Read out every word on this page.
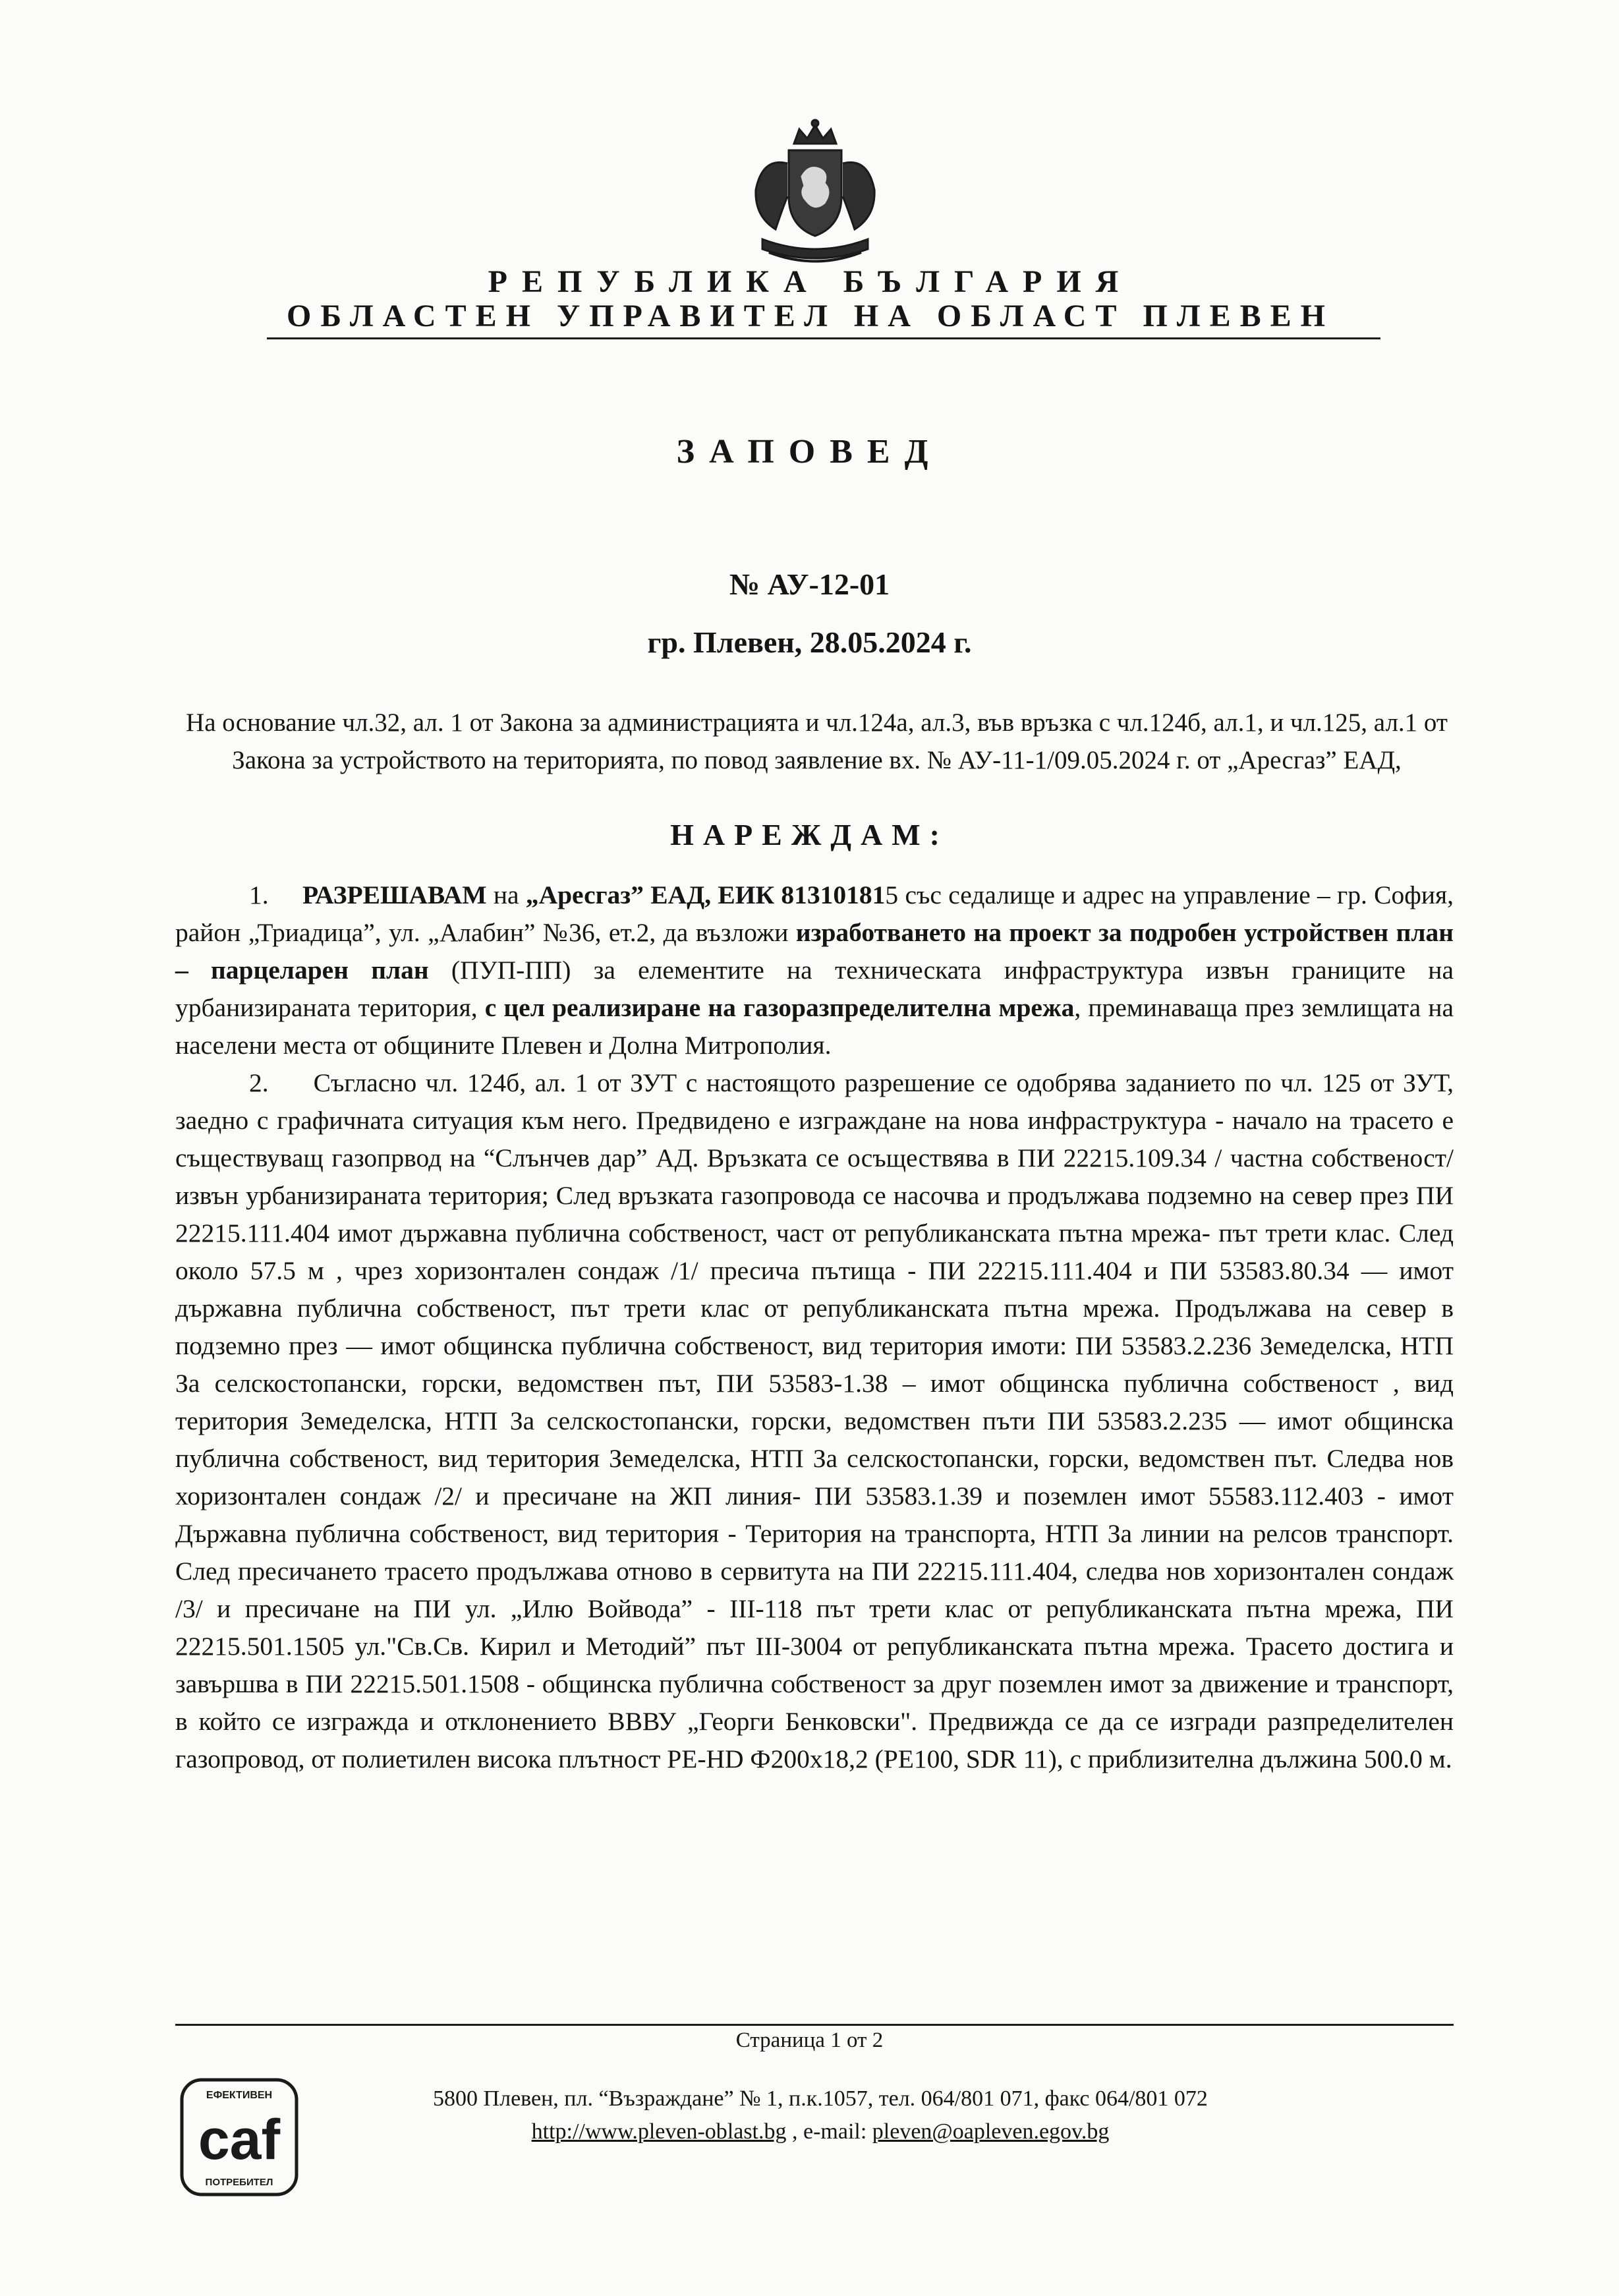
РЕПУБЛИКА БЪЛГАРИЯ
ОБЛАСТЕН УПРАВИТЕЛ НА ОБЛАСТ ПЛЕВЕН
ЗАПОВЕД
№ АУ-12-01
гр. Плевен, 28.05.2024 г.
На основание чл.32, ал. 1 от Закона за администрацията и чл.124а, ал.3, във връзка с чл.124б, ал.1, и чл.125, ал.1 от Закона за устройството на територията, по повод заявление вх. № АУ-11-1/09.05.2024 г. от „Аресгаз” ЕАД,
НАРЕЖДАМ:

1. РАЗРЕШАВАМ на „Аресгаз” ЕАД, ЕИК 813101815 със седалище и адрес на управление – гр. София, район „Триадица”, ул. „Алабин” №36, ет.2, да възложи изработването на проект за подробен устройствен план – парцеларен план (ПУП-ПП) за елементите на техническата инфраструктура извън границите на урбанизираната територия, с цел реализиране на газоразпределителна мрежа, преминаваща през землищата на населени места от общините Плевен и Долна Митрополия.

2. Съгласно чл. 124б, ал. 1 от ЗУТ с настоящото разрешение се одобрява заданието по чл. 125 от ЗУТ, заедно с графичната ситуация към него. Предвидено е изграждане на нова инфраструктура - начало на трасето е съществуващ газопрвод на “Слънчев дар” АД. Връзката се осъществява в ПИ 22215.109.34 / частна собственост/ извън урбанизираната територия; След връзката газопровода се насочва и продължава подземно на север през ПИ 22215.111.404 имот държавна публична собственост, част от републиканската пътна мрежа- път трети клас. След около 57.5 м , чрез хоризонтален сондаж /1/ пресича пътища - ПИ 22215.111.404 и ПИ 53583.80.34 — имот държавна публична собственост, път трети клас от републиканската пътна мрежа. Продължава на север в подземно през — имот общинска публична собственост, вид територия имоти: ПИ 53583.2.236 Земеделска, НТП За селскостопански, горски, ведомствен път, ПИ 53583-1.38 – имот общинска публична собственост , вид територия Земеделска, НТП За селскостопански, горски, ведомствен пъти ПИ 53583.2.235 — имот общинска публична собственост, вид територия Земеделска, НТП За селскостопански, горски, ведомствен път. Следва нов хоризонтален сондаж /2/ и пресичане на ЖП линия- ПИ 53583.1.39 и поземлен имот 55583.112.403 - имот Държавна публична собственост, вид територия - Територия на транспорта, НТП За линии на релсов транспорт. След пресичането трасето продължава отново в сервитута на ПИ 22215.111.404, следва нов хоризонтален сондаж /3/ и пресичане на ПИ ул. „Илю Войвода” - III-118 път трети клас от републиканската пътна мрежа, ПИ 22215.501.1505 ул."Св.Св. Кирил и Методий” път III-3004 от републиканската пътна мрежа. Трасето достига и завършва в ПИ 22215.501.1508 - общинска публична собственост за друг поземлен имот за движение и транспорт, в който се изгражда и отклонението ВВВУ „Георги Бенковски". Предвижда се да се изгради разпределителен газопровод, от полиетилен висока плътност PE-HD Ф200х18,2 (PE100, SDR 11), с приблизителна дължина 500.0 м.

Страница 1 от 2
ЕФЕКТИВЕН
caf
ПОТРЕБИТЕЛ
5800 Плевен, пл. “Възраждане” № 1, п.к.1057, тел. 064/801 071, факс 064/801 072
http://www.pleven-oblast.bg , e-mail: pleven@oapleven.egov.bg
